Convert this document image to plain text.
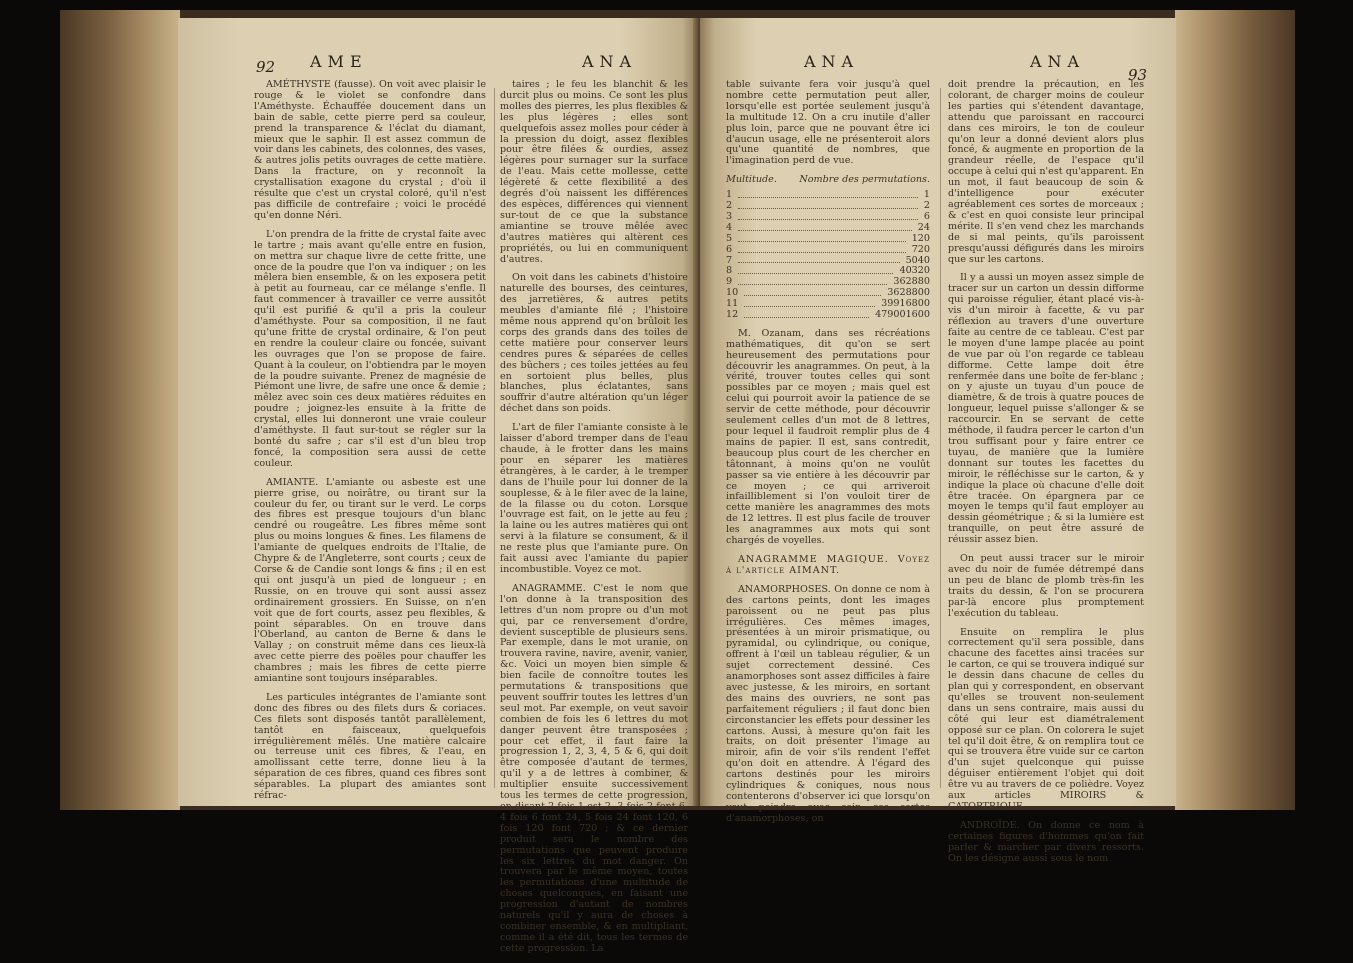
92 AME	ANA

AMÉTHYSTE (fausse). On voit avec plaisir le rouge & le violet se confondre dans l'Améthyste. Échauffée doucement dans un bain de sable, cette pierre perd sa couleur, prend la transparence & l'éclat du diamant, mieux que le saphir. Il est assez commun de voir dans les cabinets, des colonnes, des vases, & autres jolis petits ouvrages de cette matière. Dans la fracture, on y reconnoît la crystallisation exagone du crystal ; d'où il résulte que c'est un crystal coloré, qu'il n'est pas difficile de contrefaire ; voici le procédé qu'en donne Néri.

L'on prendra de la fritte de crystal faite avec le tartre ; mais avant qu'elle entre en fusion, on mettra sur chaque livre de cette fritte, une once de la poudre que l'on va indiquer ; on les mêlera bien ensemble, & on les exposera petit à petit au fourneau, car ce mélange s'enfle. Il faut commencer à travailler ce verre aussitôt qu'il est purifié & qu'il a pris la couleur d'améthyste. Pour sa composition, il ne faut qu'une fritte de crystal ordinaire, & l'on peut en rendre la couleur claire ou foncée, suivant les ouvrages que l'on se propose de faire. Quant à la couleur, on l'obtiendra par le moyen de la poudre suivante. Prenez de magnésie de Piémont une livre, de safre une once & demie ; mêlez avec soin ces deux matières réduites en poudre ; joignez-les ensuite à la fritte de crystal, elles lui donneront une vraie couleur d'améthyste. Il faut sur-tout se régler sur la bonté du safre ; car s'il est d'un bleu trop foncé, la composition sera aussi de cette couleur.

AMIANTE. L'amiante ou asbeste est une pierre grise, ou noirâtre, ou tirant sur la couleur du fer, ou tirant sur le verd. Le corps des fibres est presque toujours d'un blanc cendré ou rougeâtre. Les fibres même sont plus ou moins longues & fines. Les filamens de l'amiante de quelques endroits de l'Italie, de Chypre & de l'Angleterre, sont courts ; ceux de Corse & de Candie sont longs & fins ; il en est qui ont jusqu'à un pied de longueur ; en Russie, on en trouve qui sont aussi assez ordinairement grossiers. En Suisse, on n'en voit que de fort courts, assez peu flexibles, & point séparables. On en trouve dans l'Oberland, au canton de Berne & dans le Vallay ; on construit même dans ces lieux-là avec cette pierre des poëles pour chauffer les chambres ; mais les fibres de cette pierre amiantine sont toujours inséparables.

Les particules intégrantes de l'amiante sont donc des fibres ou des filets durs & coriaces. Ces filets sont disposés tantôt parallèlement, tantôt en faisceaux, quelquefois irrégulièrement mêlés. Une matière calcaire ou terreuse unit ces fibres, & l'eau, en amollissant cette terre, donne lieu à la séparation de ces fibres, quand ces fibres sont séparables. La plupart des amiantes sont réfrac-

taires ; le feu les blanchit & les durcit plus ou moins. Ce sont les plus molles des pierres, les plus flexibles & les plus légères ; elles sont quelquefois assez molles pour céder à la pression du doigt, assez flexibles pour être filées & ourdies, assez légères pour surnager sur la surface de l'eau. Mais cette mollesse, cette légèreté & cette flexibilité a des degrés d'où naissent les différences des espèces, différences qui viennent sur-tout de ce que la substance amiantine se trouve mêlée avec d'autres matières qui altèrent ces propriétés, ou lui en communiquent d'autres.

On voit dans les cabinets d'histoire naturelle des bourses, des ceintures, des jarretières, & autres petits meubles d'amiante filé ; l'histoire même nous apprend qu'on brûloit les corps des grands dans des toiles de cette matière pour conserver leurs cendres pures & séparées de celles des bûchers ; ces toiles jettées au feu en sortoient plus belles, plus blanches, plus éclatantes, sans souffrir d'autre altération qu'un léger déchet dans son poids.

L'art de filer l'amiante consiste à le laisser d'abord tremper dans de l'eau chaude, à le frotter dans les mains pour en séparer les matières étrangères, à le carder, à le tremper dans de l'huile pour lui donner de la souplesse, & à le filer avec de la laine, de la filasse ou du coton. Lorsque l'ouvrage est fait, on le jette au feu ; la laine ou les autres matières qui ont servi à la filature se consument, & il ne reste plus que l'amiante pure. On fait aussi avec l'amiante du papier incombustible. Voyez ce mot.

ANAGRAMME. C'est le nom que l'on donne à la transposition des lettres d'un nom propre ou d'un mot qui, par ce renversement d'ordre, devient susceptible de plusieurs sens. Par exemple, dans le mot uranie, on trouvera ravine, navire, avenir, vanier, &c. Voici un moyen bien simple & bien facile de connoître toutes les permutations & transpositions que peuvent souffrir toutes les lettres d'un seul mot. Par exemple, on veut savoir combien de fois les 6 lettres du mot danger peuvent être transposées ; pour cet effet, il faut faire la progression 1, 2, 3, 4, 5 & 6, qui doit être composée d'autant de termes, qu'il y a de lettres à combiner, & multiplier ensuite successivement tous les termes de cette progression, en disant 2 fois 1 est 2, 3 fois 2 font 6, 4 fois 6 font 24, 5 fois 24 font 120, 6 fois 120 font 720 ; & ce dernier produit sera le nombre des permutations que peuvent produire les six lettres du mot danger. On trouvera par le même moyen, toutes les permutations d'une multitude de choses quelconques, en faisant une progression d'autant de nombres naturels qu'il y aura de choses à combiner ensemble, & en multipliant, comme il a été dit, tous les termes de cette progression. La

ANA	ANA
93

table suivante fera voir jusqu'à quel nombre cette permutation peut aller, lorsqu'elle est portée seulement jusqu'à la multitude 12. On a cru inutile d'aller plus loin, parce que ne pouvant être ici d'aucun usage, elle ne présenteroit alors qu'une quantité de nombres, que l'imagination perd de vue.

Multitude. Nombre des permutations.
1	1
2	2
3	6
4	24
5	120
6	720
7	5040
8	40320
9	362880
10	3628800
11	39916800
12	479001600

M. Ozanam, dans ses récréations mathématiques, dit qu'on se sert heureusement des permutations pour découvrir les anagrammes. On peut, à la vérité, trouver toutes celles qui sont possibles par ce moyen ; mais quel est celui qui pourroit avoir la patience de se servir de cette méthode, pour découvrir seulement celles d'un mot de 8 lettres, pour lequel il faudroit remplir plus de 4 mains de papier. Il est, sans contredit, beaucoup plus court de les chercher en tâtonnant, à moins qu'on ne voulût passer sa vie entière à les découvrir par ce moyen ; ce qui arriveroit infailliblement si l'on vouloit tirer de cette manière les anagrammes des mots de 12 lettres. Il est plus facile de trouver les anagrammes aux mots qui sont chargés de voyelles.

ANAGRAMME MAGIQUE. Voyez à l'article AIMANT.

ANAMORPHOSES. On donne ce nom à des cartons peints, dont les images paroissent ou ne peut pas plus irrégulières. Ces mêmes images, présentées à un miroir prismatique, ou pyramidal, ou cylindrique, ou conique, offrent à l'œil un tableau régulier, & un sujet correctement dessiné. Ces anamorphoses sont assez difficiles à faire avec justesse, & les miroirs, en sortant des mains des ouvriers, ne sont pas parfaitement réguliers ; il faut donc bien circonstancier les effets pour dessiner les cartons. Aussi, à mesure qu'on fait les traits, on doit présenter l'image au miroir, afin de voir s'ils rendent l'effet qu'on doit en attendre. À l'égard des cartons destinés pour les miroirs cylindriques & coniques, nous nous contenterons d'observer ici que lorsqu'on veut peindre avec soin ces sortes d'anamorphoses, on

doit prendre la précaution, en les colorant, de charger moins de couleur les parties qui s'étendent davantage, attendu que paroissant en raccourci dans ces miroirs, le ton de couleur qu'on leur a donné devient alors plus foncé, & augmente en proportion de la grandeur réelle, de l'espace qu'il occupe à celui qui n'est qu'apparent. En un mot, il faut beaucoup de soin & d'intelligence pour exécuter agréablement ces sortes de morceaux ; & c'est en quoi consiste leur principal mérite. Il s'en vend chez les marchands de si mal peints, qu'ils paroissent presqu'aussi défigurés dans les miroirs que sur les cartons.

Il y a aussi un moyen assez simple de tracer sur un carton un dessin difforme qui paroisse régulier, étant placé vis-à-vis d'un miroir à facette, & vu par réflexion au travers d'une ouverture faite au centre de ce tableau. C'est par le moyen d'une lampe placée au point de vue par où l'on regarde ce tableau difforme. Cette lampe doit être renfermée dans une boîte de fer-blanc ; on y ajuste un tuyau d'un pouce de diamètre, & de trois à quatre pouces de longueur, lequel puisse s'allonger & se raccourcir. En se servant de cette méthode, il faudra percer le carton d'un trou suffisant pour y faire entrer ce tuyau, de manière que la lumière donnant sur toutes les facettes du miroir, le réfléchisse sur le carton, & y indique la place où chacune d'elle doit être tracée. On épargnera par ce moyen le temps qu'il faut employer au dessin géométrique ; & si la lumière est tranquille, on peut être assuré de réussir assez bien.

On peut aussi tracer sur le miroir avec du noir de fumée détrempé dans un peu de blanc de plomb très-fin les traits du dessin, & l'on se procurera par-là encore plus promptement l'exécution du tableau.

Ensuite on remplira le plus correctement qu'il sera possible, dans chacune des facettes ainsi tracées sur le carton, ce qui se trouvera indiqué sur le dessin dans chacune de celles du plan qui y correspondent, en observant qu'elles se trouvent non-seulement dans un sens contraire, mais aussi du côté qui leur est diamétralement opposé sur ce plan. On colorera le sujet tel qu'il doit être, & on remplira tout ce qui se trouvera être vuide sur ce carton d'un sujet quelconque qui puisse déguiser entièrement l'objet qui doit être vu au travers de ce polièdre. Voyez aux articles MIROIRS & CATOPTRIQUE.

ANDROÏDE. On donne ce nom à certaines figures d'hommes qu'on fait parler & marcher par divers ressorts. On les désigne aussi sous le nom
